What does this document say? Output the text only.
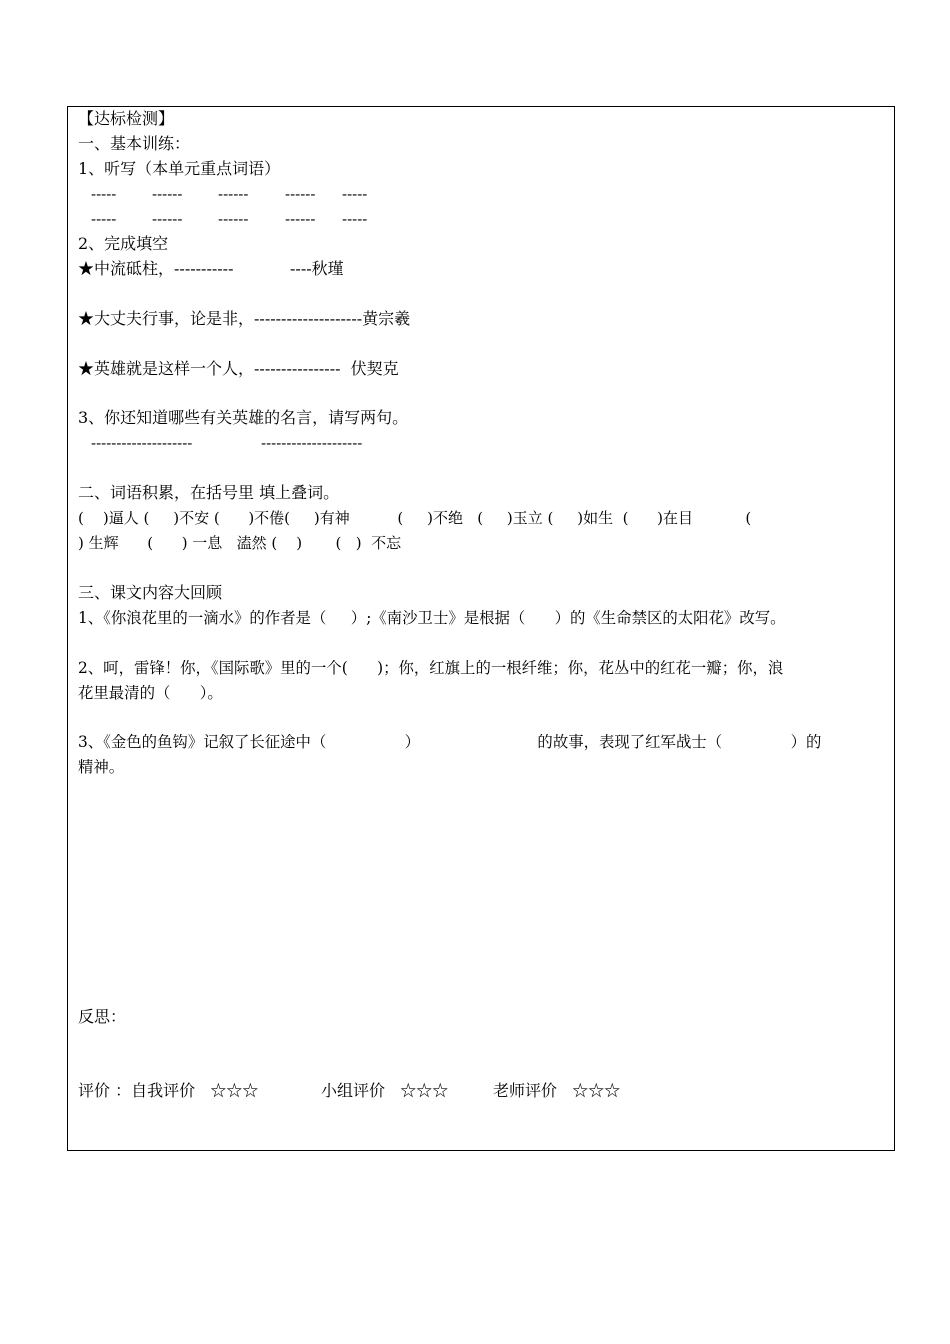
【达标检测】
一、基本训练：
1、听写（本单元重点词语）
----- ------ ------ ------ -----
----- ------ ------ ------ -----
2、完成填空
★中流砥柱，-----------	----秋瑾
★大丈夫行事，论是非，--------------------黄宗羲
★英雄就是这样一个人，----------------  伏契克
3、你还知道哪些有关英雄的名言，请写两句。
--------------------	--------------------
二、词语积累，在括号里 填上叠词。
(    )逼人 (     )不安 (      )不倦(     )有神          (     )不绝   (     )玉立 (     )如生  (      )在目           (
) 生辉      (      ) 一息   溘然 (    )       (   )  不忘
三、课文内容大回顾
1、《你浪花里的一滴水》的作者是（     ）;《南沙卫士》是根据（      ）的《生命禁区的太阳花》改写。
2、呵，雷锋！你，《国际歌》里的一个(      )；你，红旗上的一根纤维；你，花丛中的红花一瓣；你，浪
花里最清的（      ）。
3、《金色的鱼钩》记叙了长征途中（                ）                        的故事，表现了红军战士（              ）的
精神。
反思：
评价 ：自我评价   ☆☆☆	小组评价   ☆☆☆	老师评价   ☆☆☆
